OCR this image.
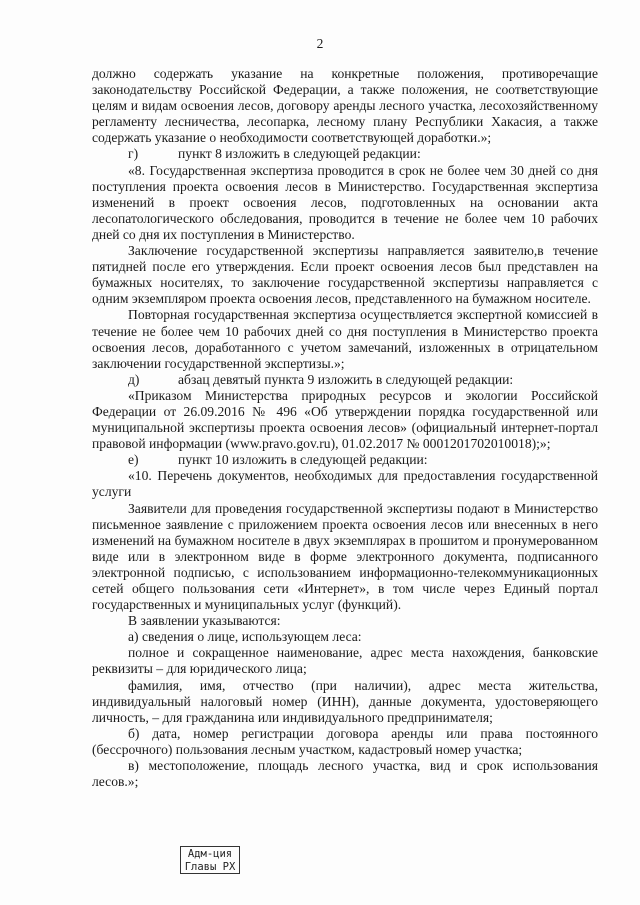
2

должно содержать указание на конкретные положения, противоречащие законодательству Российской Федерации, а также положения, не соответствующие целям и видам освоения лесов, договору аренды лесного участка, лесохозяйственному регламенту лесничества, лесопарка, лесному плану Республики Хакасия, а также содержать указание о необходимости соответствующей доработки.»;

г)	пункт 8 изложить в следующей редакции:

«8. Государственная экспертиза проводится в срок не более чем 30 дней со дня поступления проекта освоения лесов в Министерство. Государственная экспертиза изменений в проект освоения лесов, подготовленных на основании акта лесопатологического обследования, проводится в течение не более чем 10 рабочих дней со дня их поступления в Министерство.

Заключение государственной экспертизы направляется заявителю,в течение пятидней после его утверждения. Если проект освоения лесов был представлен на бумажных носителях, то заключение государственной экспертизы направляется с одним экземпляром проекта освоения лесов, представленного на бумажном носителе.

Повторная государственная экспертиза осуществляется экспертной комиссией в течение не более чем 10 рабочих дней со дня поступления в Министерство проекта освоения лесов, доработанного с учетом замечаний, изложенных в отрицательном заключении государственной экспертизы.»;

д)	абзац девятый пункта 9 изложить в следующей редакции:

«Приказом Министерства природных ресурсов и экологии Российской Федерации от 26.09.2016 № 496 «Об утверждении порядка государственной или муниципальной экспертизы проекта освоения лесов» (официальный интернет-портал правовой информации (www.pravo.gov.ru), 01.02.2017 № 0001201702010018);»;

е)	пункт 10 изложить в следующей редакции:

«10. Перечень документов, необходимых для предоставления государственной услуги

Заявители для проведения государственной экспертизы подают в Министерство письменное заявление с приложением проекта освоения лесов или внесенных в него изменений на бумажном носителе в двух экземплярах в прошитом и пронумерованном виде или в электронном виде в форме электронного документа, подписанного электронной подписью, с использованием информационно-телекоммуникационных сетей общего пользования сети «Интернет», в том числе через Единый портал государственных и муниципальных услуг (функций).

В заявлении указываются:

а) сведения о лице, использующем леса:

полное и сокращенное наименование, адрес места нахождения, банковские реквизиты – для юридического лица;

фамилия, имя, отчество (при наличии), адрес места жительства, индивидуальный налоговый номер (ИНН), данные документа, удостоверяющего личность, – для гражданина или индивидуального предпринимателя;

б) дата, номер регистрации договора аренды или права постоянного (бессрочного) пользования лесным участком, кадастровый номер участка;

в) местоположение, площадь лесного участка, вид и срок использования лесов.»;

Адм-ция
Главы РХ
